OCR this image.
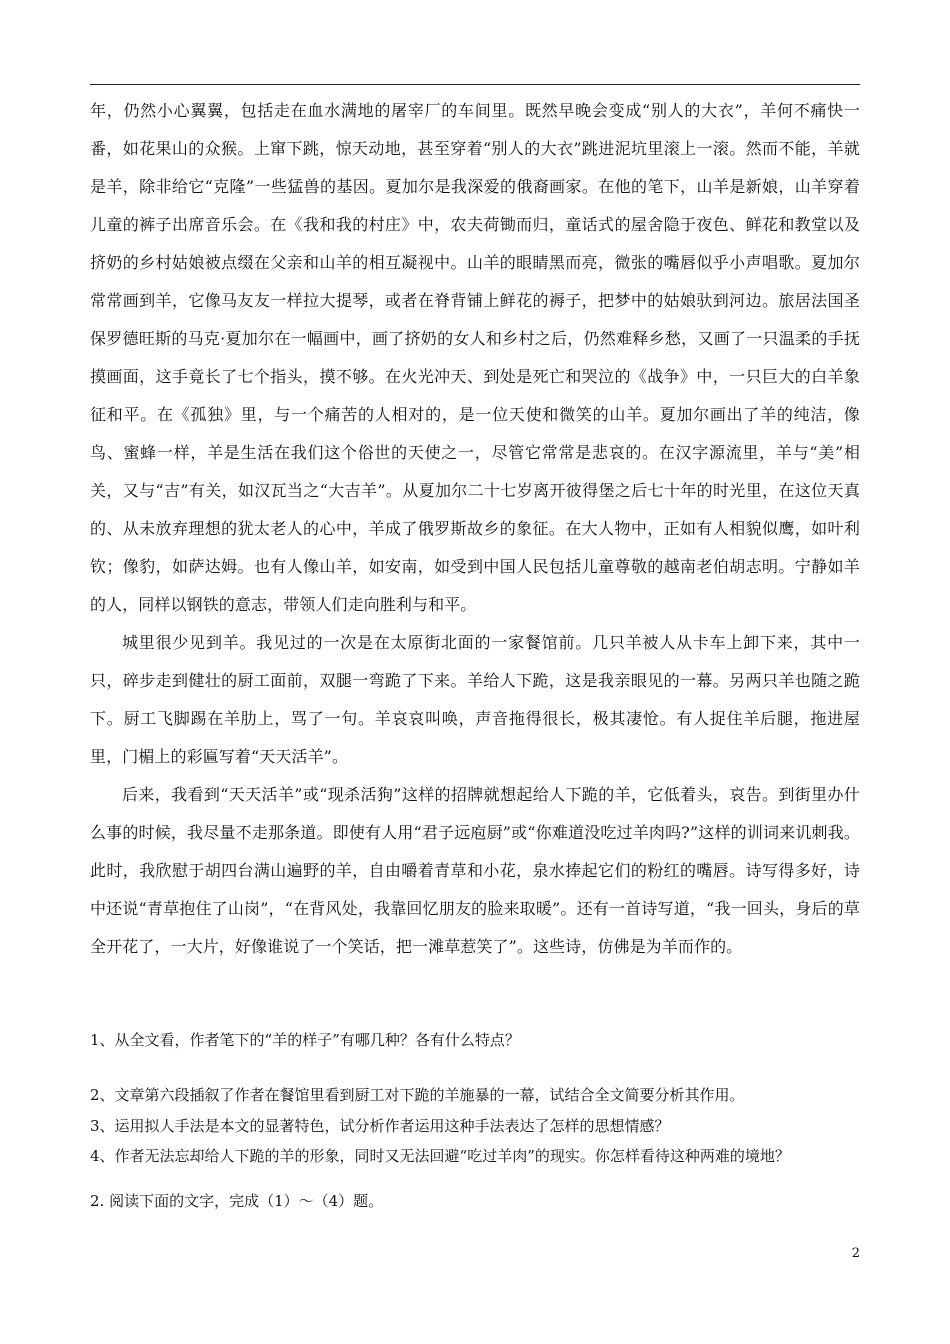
年，仍然小心翼翼，包括走在血水满地的屠宰厂的车间里。既然早晚会变成“别人的大衣”，羊何不痛快一番，如花果山的众猴。上窜下跳，惊天动地，甚至穿着“别人的大衣”跳进泥坑里滚上一滚。然而不能，羊就是羊，除非给它“克隆”一些猛兽的基因。夏加尔是我深爱的俄裔画家。在他的笔下，山羊是新娘，山羊穿着儿童的裤子出席音乐会。在《我和我的村庄》中，农夫荷锄而归，童话式的屋舍隐于夜色、鲜花和教堂以及挤奶的乡村姑娘被点缀在父亲和山羊的相互凝视中。山羊的眼睛黑而亮，微张的嘴唇似乎小声唱歌。夏加尔常常画到羊，它像马友友一样拉大提琴，或者在脊背铺上鲜花的褥子，把梦中的姑娘驮到河边。旅居法国圣保罗德旺斯的马克·夏加尔在一幅画中，画了挤奶的女人和乡村之后，仍然难释乡愁，又画了一只温柔的手抚摸画面，这手竟长了七个指头，摸不够。在火光冲天、到处是死亡和哭泣的《战争》中，一只巨大的白羊象征和平。在《孤独》里，与一个痛苦的人相对的，是一位天使和微笑的山羊。夏加尔画出了羊的纯洁，像鸟、蜜蜂一样，羊是生活在我们这个俗世的天使之一，尽管它常常是悲哀的。在汉字源流里，羊与“美”相关，又与“吉”有关，如汉瓦当之“大吉羊”。从夏加尔二十七岁离开彼得堡之后七十年的时光里，在这位天真的、从未放弃理想的犹太老人的心中，羊成了俄罗斯故乡的象征。在大人物中，正如有人相貌似鹰，如叶利钦；像豹，如萨达姆。也有人像山羊，如安南，如受到中国人民包括儿童尊敬的越南老伯胡志明。宁静如羊的人，同样以钢铁的意志，带领人们走向胜利与和平。

城里很少见到羊。我见过的一次是在太原街北面的一家餐馆前。几只羊被人从卡车上卸下来，其中一只，碎步走到健壮的厨工面前，双腿一弯跪了下来。羊给人下跪，这是我亲眼见的一幕。另两只羊也随之跪下。厨工飞脚踢在羊肋上，骂了一句。羊哀哀叫唤，声音拖得很长，极其凄怆。有人捉住羊后腿，拖进屋里，门楣上的彩匾写着“天天活羊”。

后来，我看到“天天活羊”或“现杀活狗”这样的招牌就想起给人下跪的羊，它低着头，哀告。到街里办什么事的时候，我尽量不走那条道。即使有人用“君子远庖厨”或“你难道没吃过羊肉吗?”这样的训词来讥刺我。此时，我欣慰于胡四台满山遍野的羊，自由嚼着青草和小花，泉水捧起它们的粉红的嘴唇。诗写得多好，诗中还说“青草抱住了山岗”，“在背风处，我靠回忆朋友的脸来取暖”。还有一首诗写道，“我一回头，身后的草全开花了，一大片，好像谁说了一个笑话，把一滩草惹笑了”。这些诗，仿佛是为羊而作的。

1、从全文看，作者笔下的“羊的样子”有哪几种？各有什么特点？

2、文章第六段插叙了作者在餐馆里看到厨工对下跪的羊施暴的一幕，试结合全文简要分析其作用。

3、运用拟人手法是本文的显著特色，试分析作者运用这种手法表达了怎样的思想情感？

4、作者无法忘却给人下跪的羊的形象，同时又无法回避“吃过羊肉”的现实。你怎样看待这种两难的境地？

2. 阅读下面的文字，完成（1）～（4）题。

2
